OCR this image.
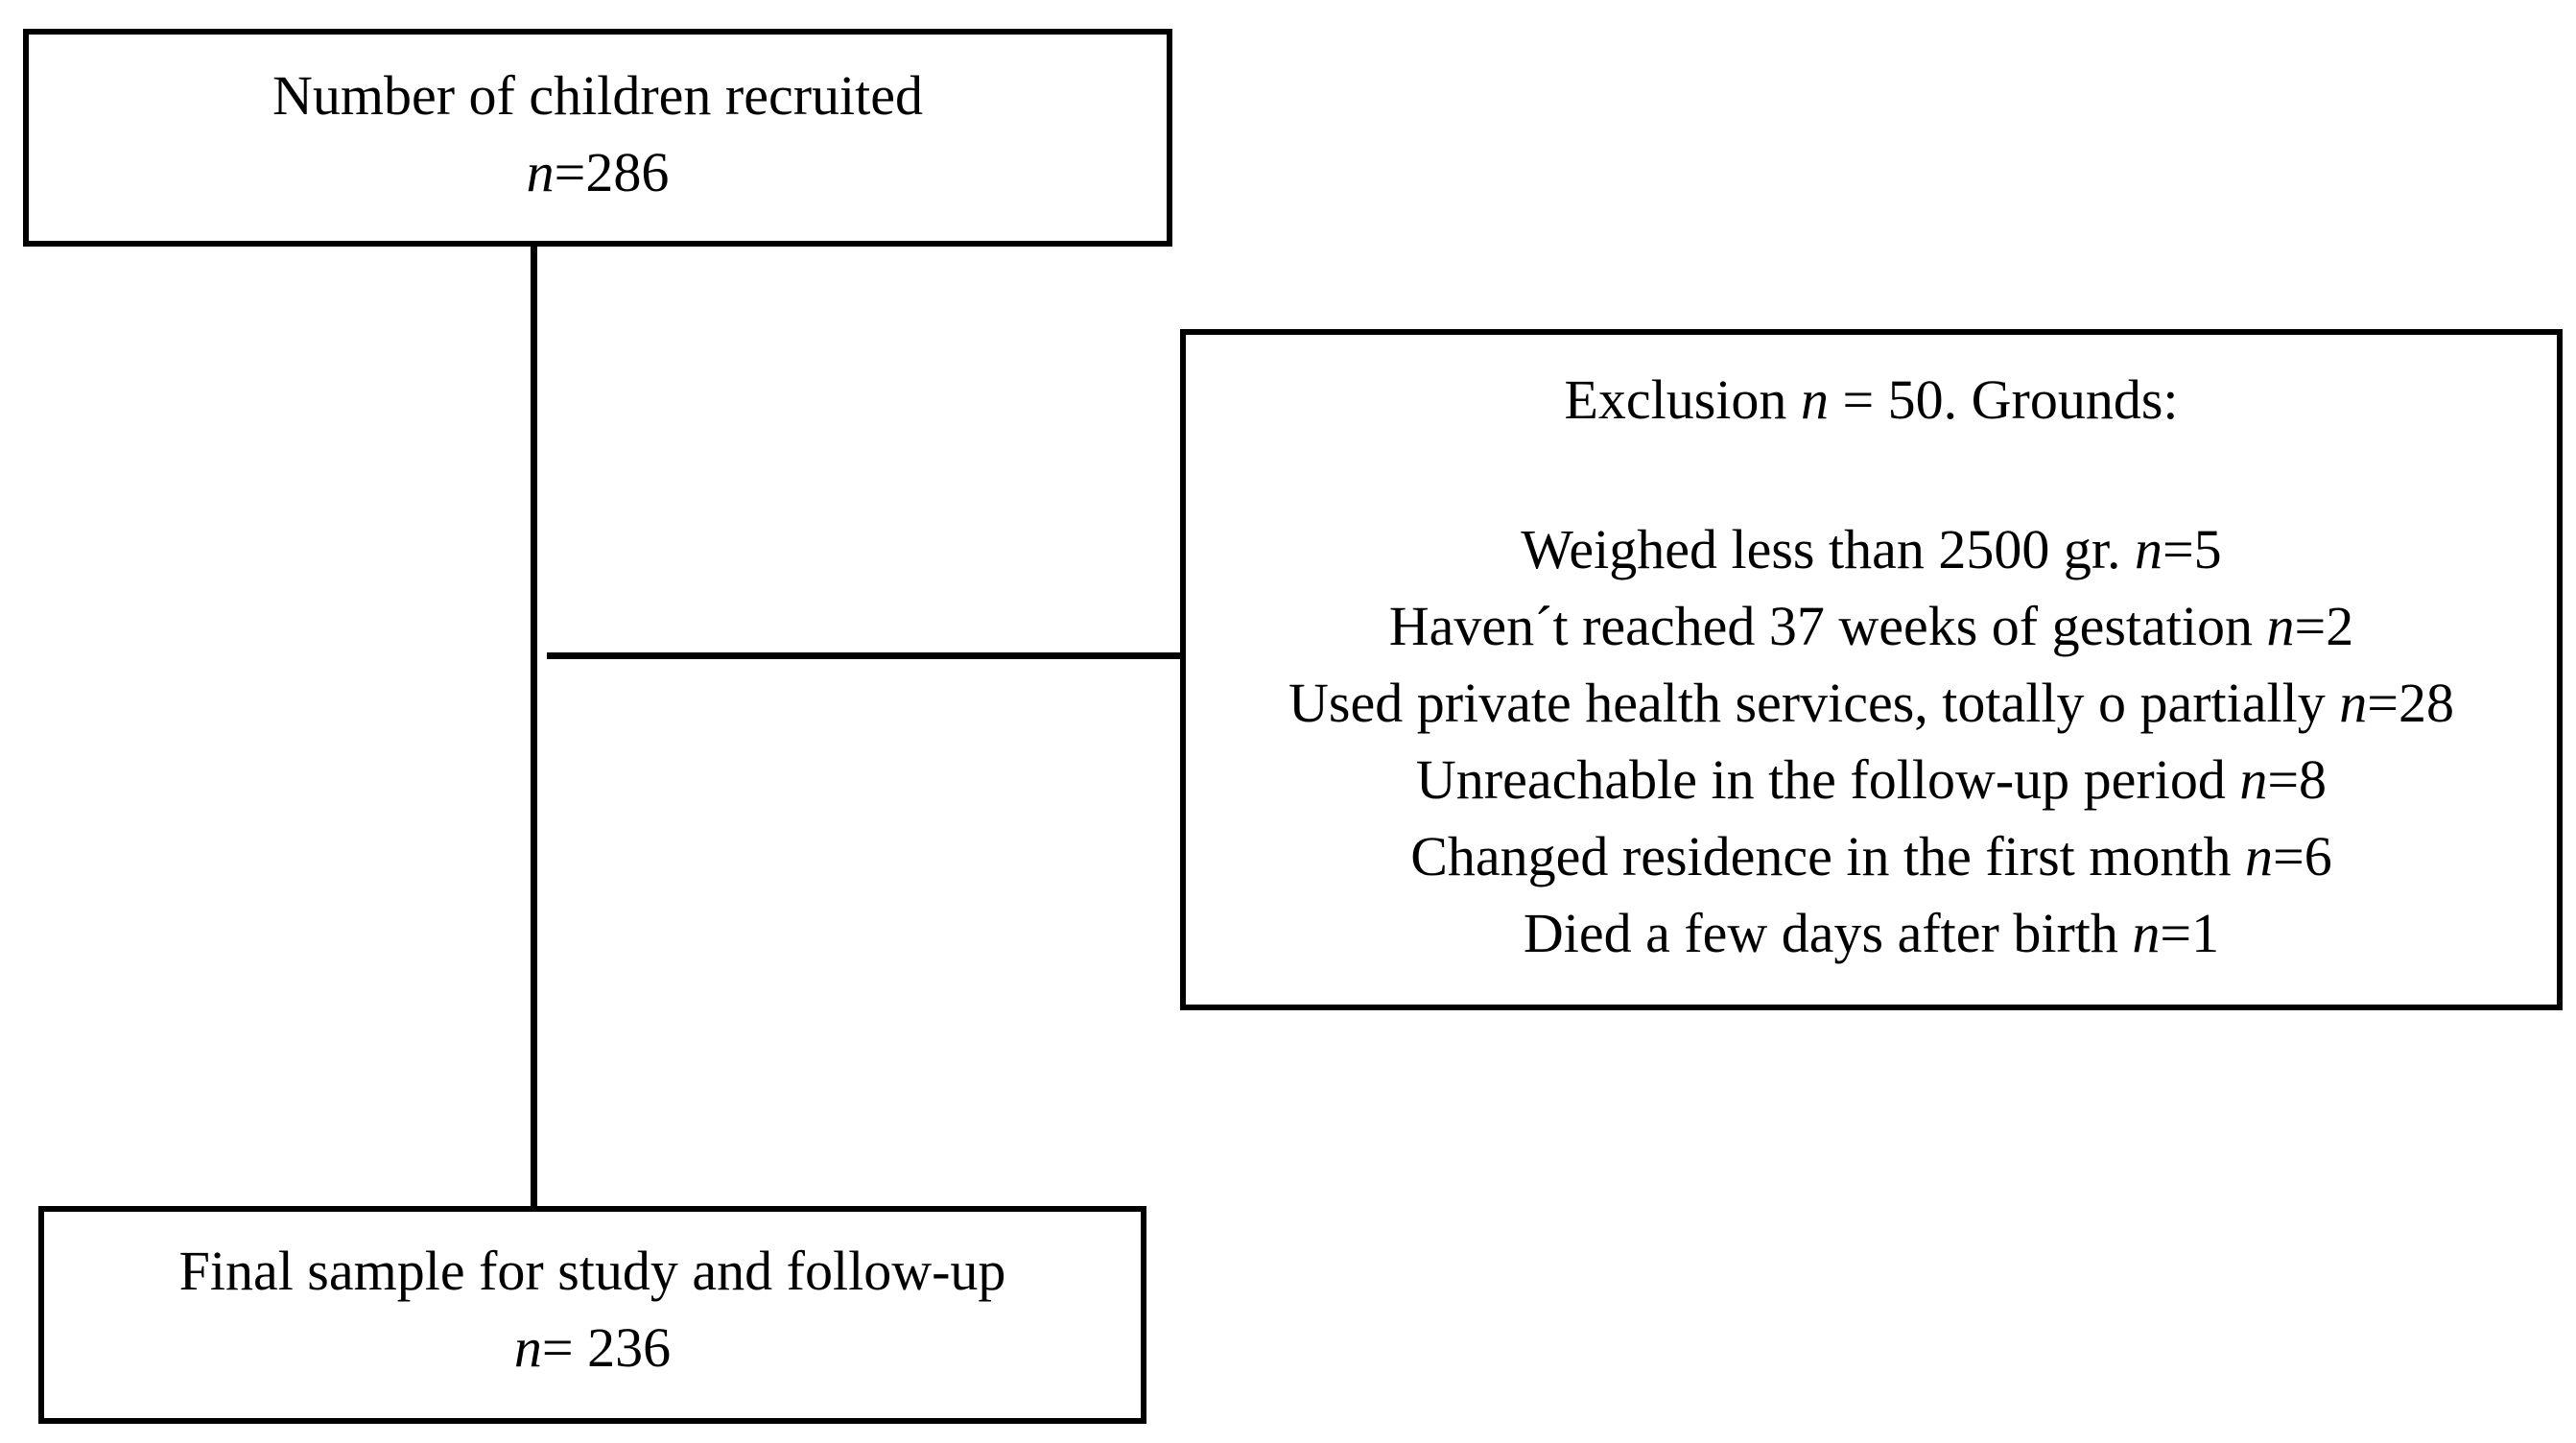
Number of children recruited
n=286
Exclusion n = 50. Grounds:
Weighed less than 2500 gr. n=5
Haven´t reached 37 weeks of gestation n=2
Used private health services, totally o partially n=28
Unreachable in the follow-up period n=8
Changed residence in the first month n=6
Died a few days after birth n=1
Final sample for study and follow-up
n= 236
